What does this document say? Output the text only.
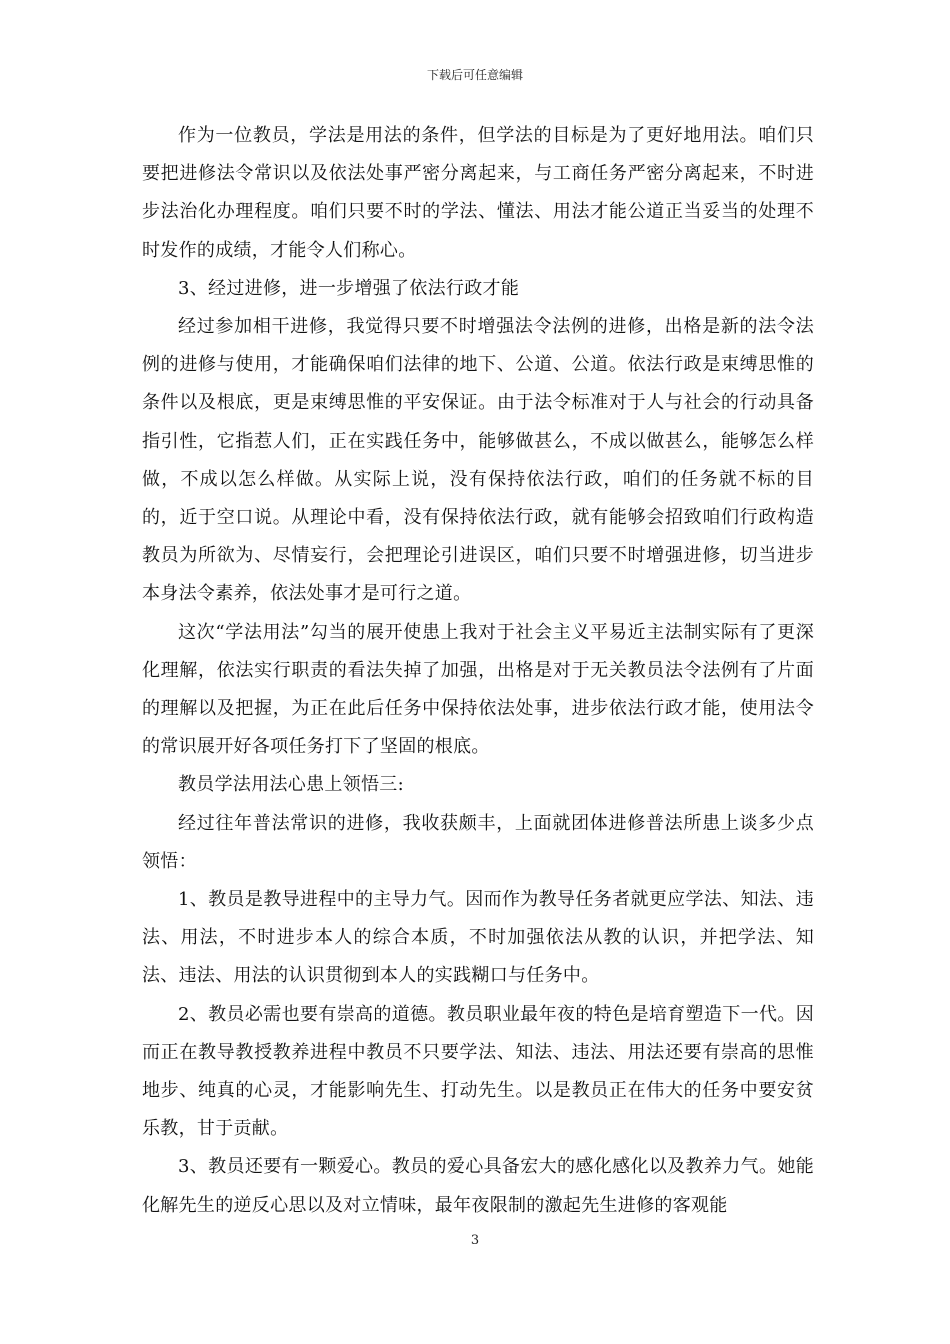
下载后可任意编辑

作为一位教员，学法是用法的条件，但学法的目标是为了更好地用法。咱们只要把进修法令常识以及依法处事严密分离起来，与工商任务严密分离起来，不时进步法治化办理程度。咱们只要不时的学法、懂法、用法才能公道正当妥当的处理不时发作的成绩，才能令人们称心。

3、经过进修，进一步增强了依法行政才能

经过参加相干进修，我觉得只要不时增强法令法例的进修，出格是新的法令法例的进修与使用，才能确保咱们法律的地下、公道、公道。依法行政是束缚思惟的条件以及根底，更是束缚思惟的平安保证。由于法令标准对于人与社会的行动具备指引性，它指惹人们，正在实践任务中，能够做甚么，不成以做甚么，能够怎么样做，不成以怎么样做。从实际上说，没有保持依法行政，咱们的任务就不标的目的，近于空口说。从理论中看，没有保持依法行政，就有能够会招致咱们行政构造教员为所欲为、尽情妄行，会把理论引进误区，咱们只要不时增强进修，切当进步本身法令素养，依法处事才是可行之道。

这次“学法用法”勾当的展开使患上我对于社会主义平易近主法制实际有了更深化理解，依法实行职责的看法失掉了加强，出格是对于无关教员法令法例有了片面的理解以及把握，为正在此后任务中保持依法处事，进步依法行政才能，使用法令的常识展开好各项任务打下了坚固的根底。

教员学法用法心患上领悟三:

经过往年普法常识的进修，我收获颇丰，上面就团体进修普法所患上谈多少点领悟：

1、教员是教导进程中的主导力气。因而作为教导任务者就更应学法、知法、违法、用法，不时进步本人的综合本质，不时加强依法从教的认识，并把学法、知法、违法、用法的认识贯彻到本人的实践糊口与任务中。

2、教员必需也要有崇高的道德。教员职业最年夜的特色是培育塑造下一代。因而正在教导教授教养进程中教员不只要学法、知法、违法、用法还要有崇高的思惟地步、纯真的心灵，才能影响先生、打动先生。以是教员正在伟大的任务中要安贫乐教，甘于贡献。

3、教员还要有一颗爱心。教员的爱心具备宏大的感化感化以及教养力气。她能化解先生的逆反心思以及对立情味，最年夜限制的激起先生进修的客观能

3
